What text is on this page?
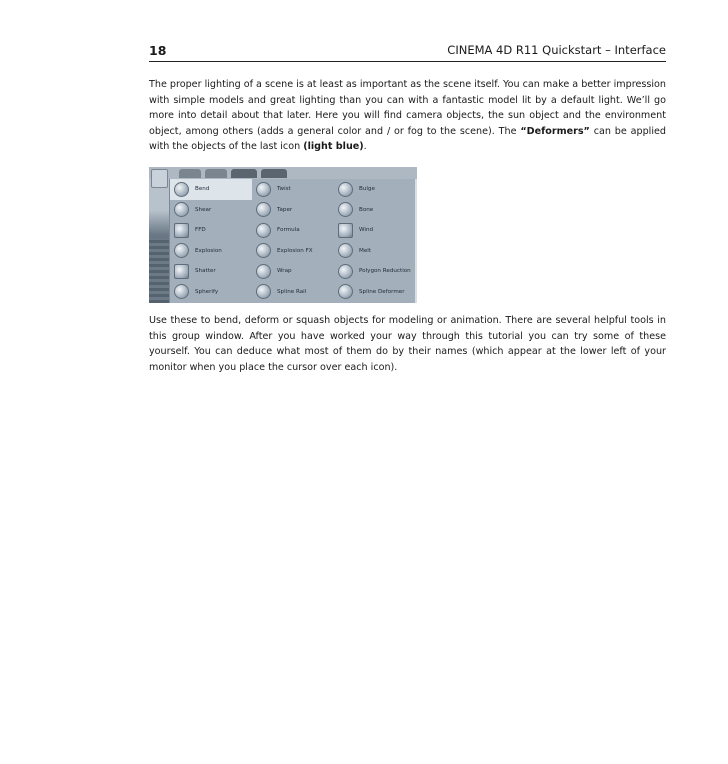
18	CINEMA 4D R11 Quickstart – Interface

The proper lighting of a scene is at least as important as the scene itself. You can make a better impression with simple models and great lighting than you can with a fantastic model lit by a default light. We’ll go more into detail about that later. Here you will find camera objects, the sun object and the environment object, among others (adds a general color and / or fog to the scene). The “Deformers” can be applied with the objects of the last icon (light blue).

Bend
Shear
FFD
Explosion
Shatter
Spherify
Twist
Taper
Formula
Explosion FX
Wrap
Spline Rail
Bulge
Bone
Wind
Melt
Polygon Reduction
Spline Deformer

Use these to bend, deform or squash objects for modeling or animation. There are several helpful tools in this group window. After you have worked your way through this tutorial you can try some of these yourself. You can deduce what most of them do by their names (which appear at the lower left of your monitor when you place the cursor over each icon).
